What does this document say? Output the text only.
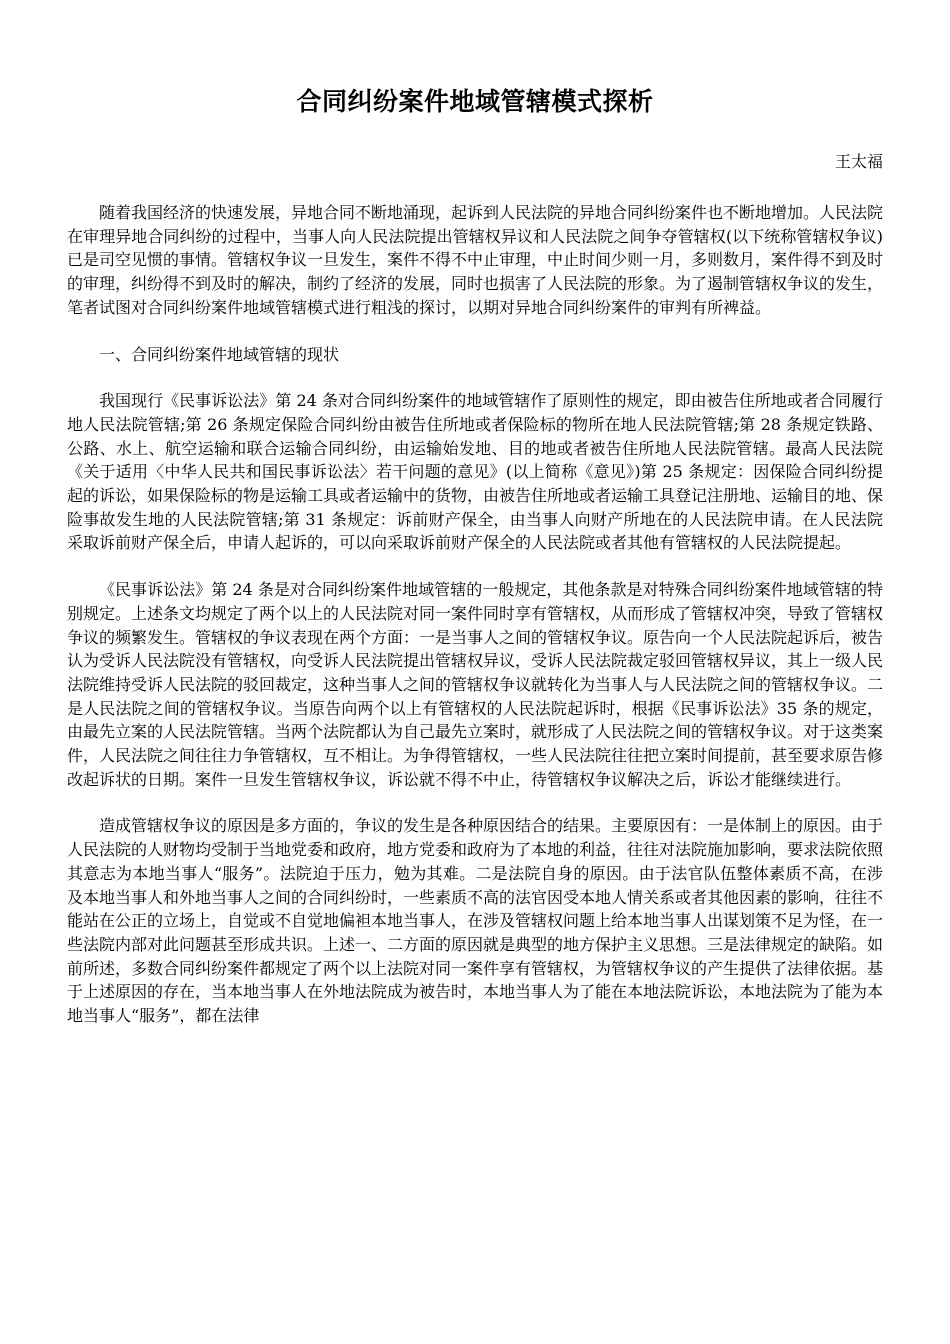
合同纠纷案件地域管辖模式探析

王太福

随着我国经济的快速发展，异地合同不断地涌现，起诉到人民法院的异地合同纠纷案件也不断地增加。人民法院在审理异地合同纠纷的过程中，当事人向人民法院提出管辖权异议和人民法院之间争夺管辖权(以下统称管辖权争议)已是司空见惯的事情。管辖权争议一旦发生，案件不得不中止审理，中止时间少则一月，多则数月，案件得不到及时的审理，纠纷得不到及时的解决，制约了经济的发展，同时也损害了人民法院的形象。为了遏制管辖权争议的发生，笔者试图对合同纠纷案件地域管辖模式进行粗浅的探讨，以期对异地合同纠纷案件的审判有所裨益。

一、合同纠纷案件地域管辖的现状

我国现行《民事诉讼法》第 24 条对合同纠纷案件的地域管辖作了原则性的规定，即由被告住所地或者合同履行地人民法院管辖;第 26 条规定保险合同纠纷由被告住所地或者保险标的物所在地人民法院管辖;第 28 条规定铁路、公路、水上、航空运输和联合运输合同纠纷，由运输始发地、目的地或者被告住所地人民法院管辖。最高人民法院《关于适用〈中华人民共和国民事诉讼法〉若干问题的意见》(以上简称《意见》)第 25 条规定：因保险合同纠纷提起的诉讼，如果保险标的物是运输工具或者运输中的货物，由被告住所地或者运输工具登记注册地、运输目的地、保险事故发生地的人民法院管辖;第 31 条规定：诉前财产保全，由当事人向财产所地在的人民法院申请。在人民法院采取诉前财产保全后，申请人起诉的，可以向采取诉前财产保全的人民法院或者其他有管辖权的人民法院提起。

《民事诉讼法》第 24 条是对合同纠纷案件地域管辖的一般规定，其他条款是对特殊合同纠纷案件地域管辖的特别规定。上述条文均规定了两个以上的人民法院对同一案件同时享有管辖权，从而形成了管辖权冲突，导致了管辖权争议的频繁发生。管辖权的争议表现在两个方面：一是当事人之间的管辖权争议。原告向一个人民法院起诉后，被告认为受诉人民法院没有管辖权，向受诉人民法院提出管辖权异议，受诉人民法院裁定驳回管辖权异议，其上一级人民法院维持受诉人民法院的驳回裁定，这种当事人之间的管辖权争议就转化为当事人与人民法院之间的管辖权争议。二是人民法院之间的管辖权争议。当原告向两个以上有管辖权的人民法院起诉时，根据《民事诉讼法》35 条的规定，由最先立案的人民法院管辖。当两个法院都认为自己最先立案时，就形成了人民法院之间的管辖权争议。对于这类案件，人民法院之间往往力争管辖权，互不相让。为争得管辖权，一些人民法院往往把立案时间提前，甚至要求原告修改起诉状的日期。案件一旦发生管辖权争议，诉讼就不得不中止，待管辖权争议解决之后，诉讼才能继续进行。

造成管辖权争议的原因是多方面的，争议的发生是各种原因结合的结果。主要原因有：一是体制上的原因。由于人民法院的人财物均受制于当地党委和政府，地方党委和政府为了本地的利益，往往对法院施加影响，要求法院依照其意志为本地当事人“服务”。法院迫于压力，勉为其难。二是法院自身的原因。由于法官队伍整体素质不高，在涉及本地当事人和外地当事人之间的合同纠纷时，一些素质不高的法官因受本地人情关系或者其他因素的影响，往往不能站在公正的立场上，自觉或不自觉地偏袒本地当事人，在涉及管辖权问题上给本地当事人出谋划策不足为怪，在一些法院内部对此问题甚至形成共识。上述一、二方面的原因就是典型的地方保护主义思想。三是法律规定的缺陷。如前所述，多数合同纠纷案件都规定了两个以上法院对同一案件享有管辖权，为管辖权争议的产生提供了法律依据。基于上述原因的存在，当本地当事人在外地法院成为被告时，本地当事人为了能在本地法院诉讼，本地法院为了能为本地当事人“服务”，都在法律
